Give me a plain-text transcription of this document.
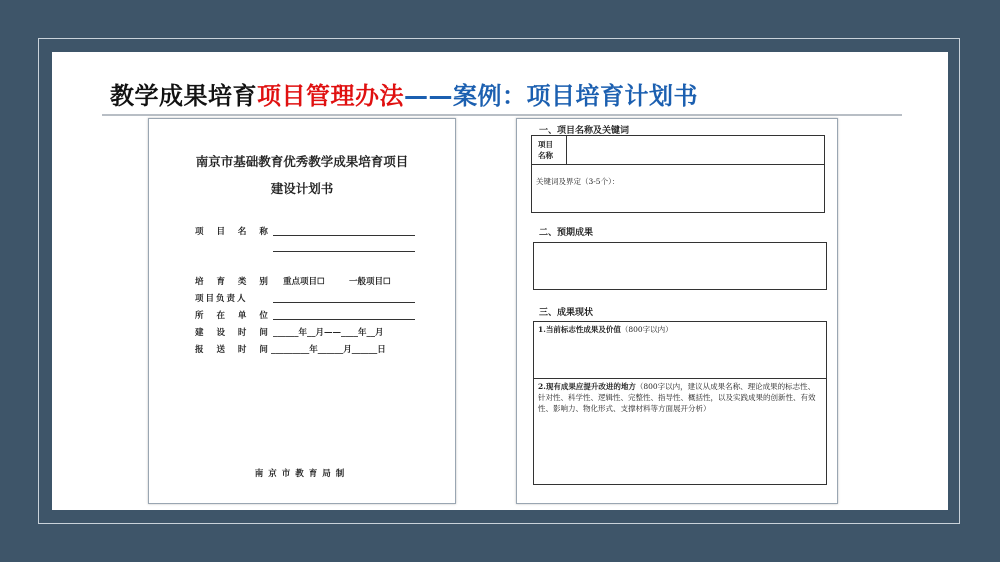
教学成果培育项目管理办法——案例：项目培育计划书
南京市基础教育优秀教学成果培育项目
建设计划书
项 目 名 称
培 育 类 别 重点项目☐	一般项目☐
项目负责人
所 在 单 位
建 设 时 间 ______年__月——____年__月
报 送 时 间
_________年______月______日
南京市教育局制
一、项目名称及关键词
项目
名称
关键词及界定（3-5个）：
二、预期成果
三、成果现状
1.当前标志性成果及价值（800字以内）
2.现有成果应提升改进的地方（800字以内，建议从成果名称、理论成果的标志性、针对性、科学性、逻辑性、完整性、指导性、概括性，以及实践成果的创新性、有效性、影响力、物化形式、支撑材料等方面展开分析）
